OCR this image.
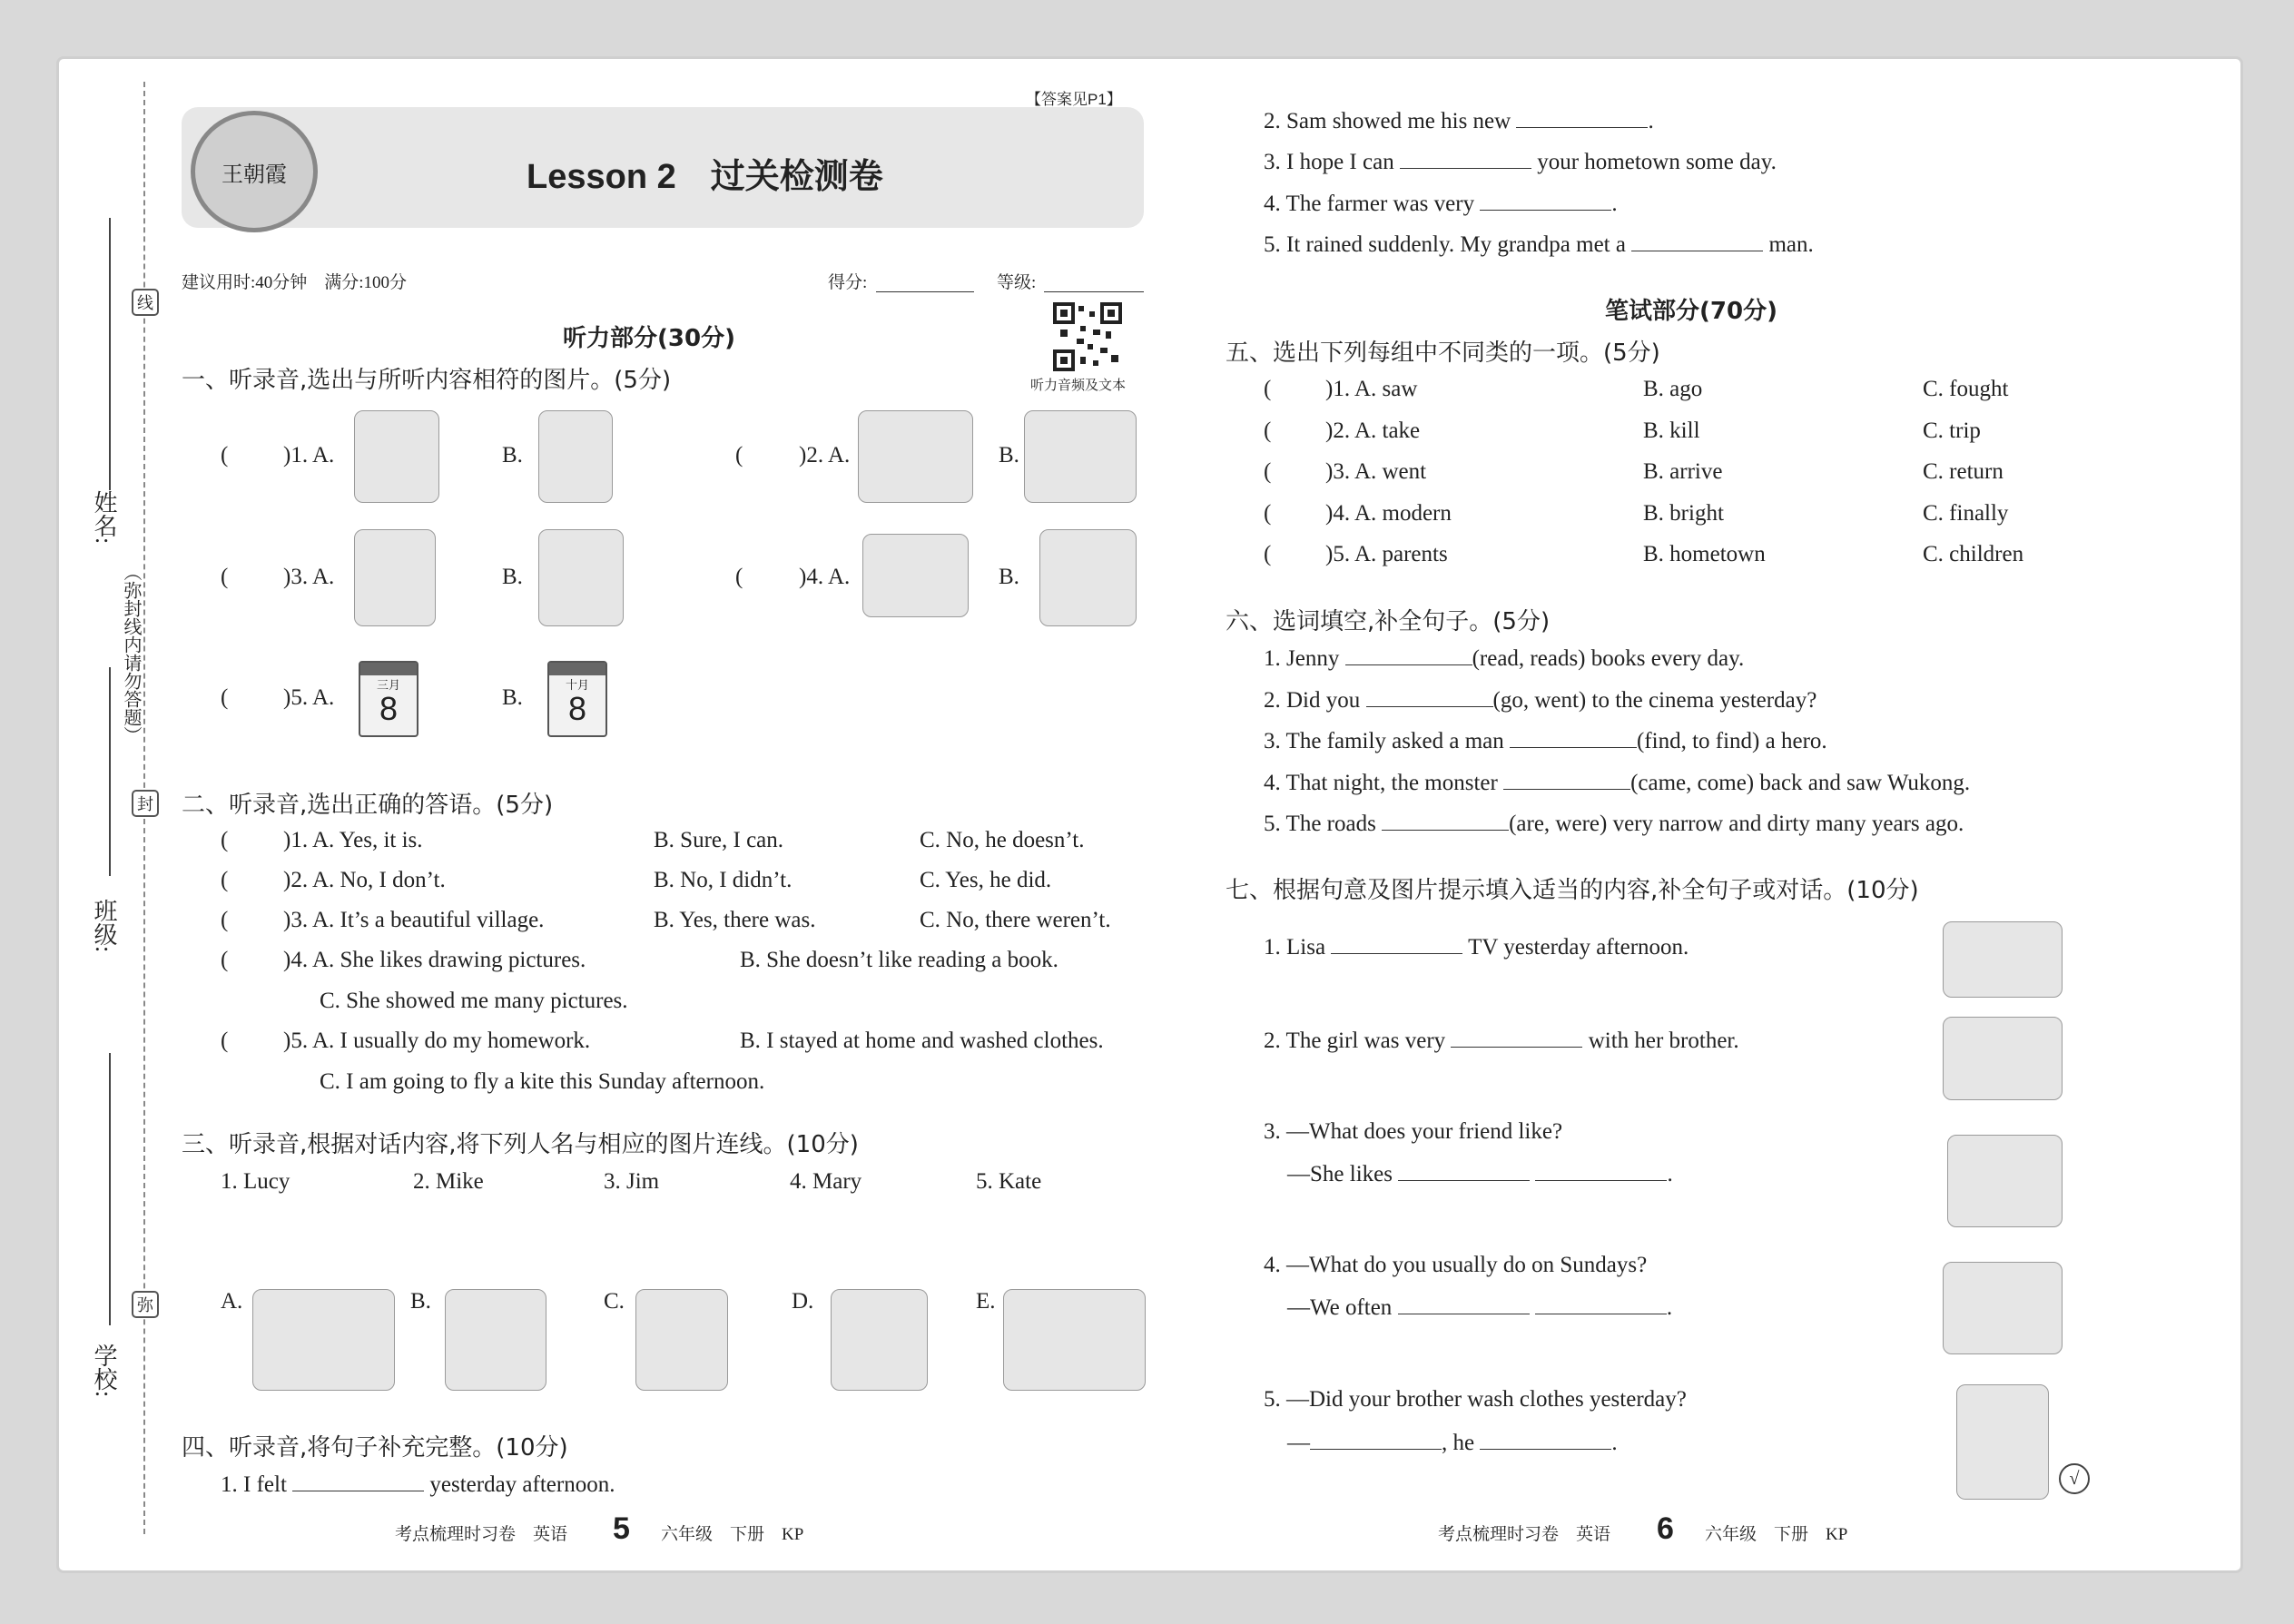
线
封
弥
（弥封线内请勿答题）
姓名:
班级:
学校:
王朝霞	Lesson 2　过关检测卷
【答案见P1】
建议用时:40分钟　满分:100分	得分:	等级:
听力音频及文本
听力部分(30分)
一、听录音,选出与所听内容相符的图片。(5分)
( )1. A.	B.	( )2. A.	B.
( )3. A.	B.	( )4. A.	B.
( )5. A.
三月
8	B.
十月
8
二、听录音,选出正确的答语。(5分)
( )1. A. Yes, it is.	B. Sure, I can.	C. No, he doesn’t.
( )2. A. No, I don’t.	B. No, I didn’t.	C. Yes, he did.
( )3. A. It’s a beautiful village.	B. Yes, there was.	C. No, there weren’t.
( )4. A. She likes drawing pictures.	B. She doesn’t like reading a book.
C. She showed me many pictures.
( )5. A. I usually do my homework.	B. I stayed at home and washed clothes.
C. I am going to fly a kite this Sunday afternoon.
三、听录音,根据对话内容,将下列人名与相应的图片连线。(10分)
1. Lucy	2. Mike	3. Jim	4. Mary	5. Kate
A.	B.	C.	D.	E.
四、听录音,将句子补充完整。(10分)
1. I felt	yesterday afternoon.
2. Sam showed me his new	.
3. I hope I can	your hometown some day.
4. The farmer was very	.
5. It rained suddenly. My grandpa met a	man.
笔试部分(70分)
五、选出下列每组中不同类的一项。(5分)
( )1. A. saw	B. ago	C. fought
( )2. A. take	B. kill	C. trip
( )3. A. went	B. arrive	C. return
( )4. A. modern	B. bright	C. finally
( )5. A. parents	B. hometown	C. children
六、选词填空,补全句子。(5分)
1. Jenny	(read, reads) books every day.
2. Did you	(go, went) to the cinema yesterday?
3. The family asked a man	(find, to find) a hero.
4. That night, the monster	(came, come) back and saw Wukong.
5. The roads	(are, were) very narrow and dirty many years ago.
七、根据句意及图片提示填入适当的内容,补全句子或对话。(10分)
1. Lisa	TV yesterday afternoon.
2. The girl was very	with her brother.
3. —What does your friend like?
—She likes	.
4. —What do you usually do on Sundays?
—We often	.
5. —Did your brother wash clothes yesterday?
—	, he	.
√
考点梳理时习卷　英语 5 六年级　下册　KP	考点梳理时习卷　英语 6 六年级　下册　KP
